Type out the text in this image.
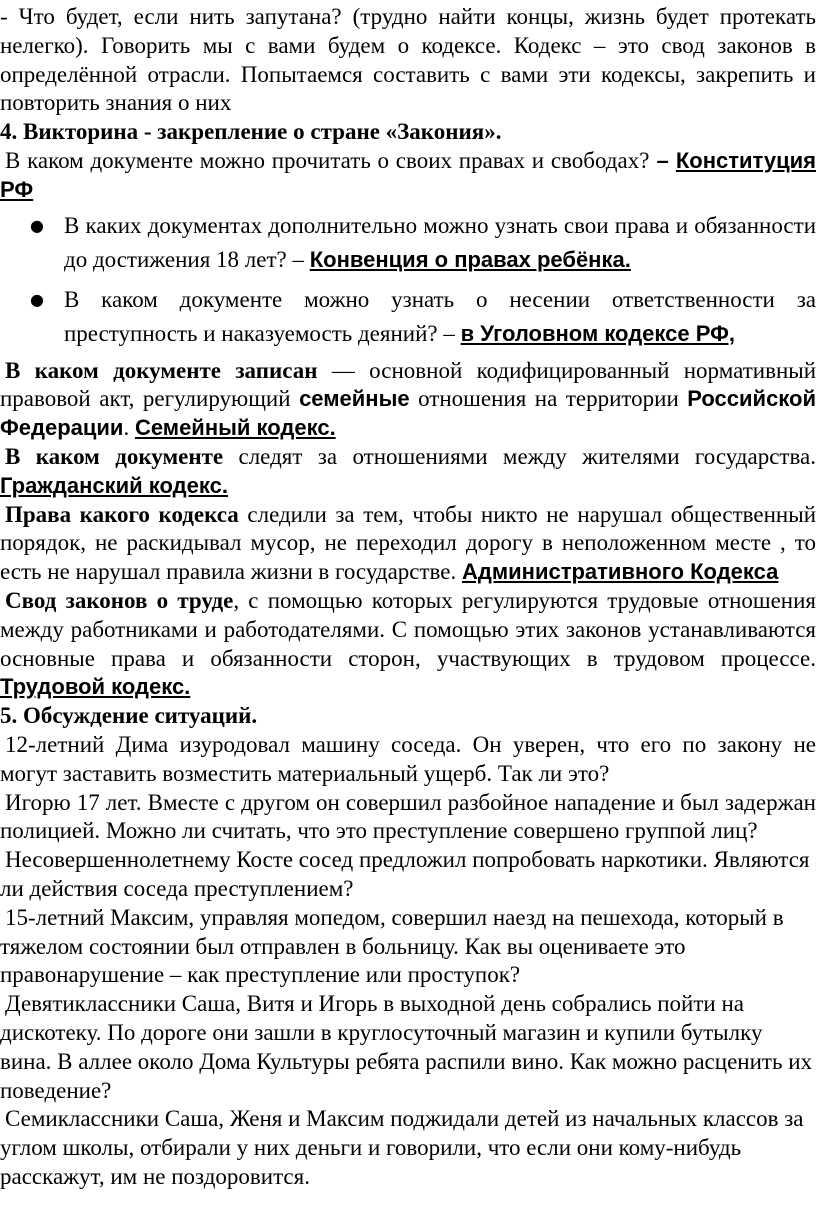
- Что будет, если нить запутана? (трудно найти концы, жизнь будет протекать нелегко). Говорить мы с вами будем о кодексе. Кодекс – это свод законов в определённой отрасли. Попытаемся составить с вами эти кодексы, закрепить и повторить знания о них

4. Викторина - закрепление о стране «Закония».

В каком документе можно прочитать о своих правах и свободах? – Конституция РФ

● В каких документах дополнительно можно узнать свои права и обязанности до достижения 18 лет? – Конвенция о правах ребёнка.
● В каком документе можно узнать о несении ответственности за преступность и наказуемость деяний? – в Уголовном кодексе РФ,

В каком документе записан — основной кодифицированный нормативный правовой акт, регулирующий семейные отношения на территории Российской Федерации. Семейный кодекс.

В каком документе следят за отношениями между жителями государства. Гражданский кодекс.

Права какого кодекса следили за тем, чтобы никто не нарушал общественный порядок, не раскидывал мусор, не переходил дорогу в неположенном месте , то есть не нарушал правила жизни в государстве. Административного Кодекса

Свод законов о труде, с помощью которых регулируются трудовые отношения между работниками и работодателями. С помощью этих законов устанавливаются основные права и обязанности сторон, участвующих в трудовом процессе. Трудовой кодекс.

5. Обсуждение ситуаций.

12-летний Дима изуродовал машину соседа. Он уверен, что его по закону не могут заставить возместить материальный ущерб. Так ли это?

Игорю 17 лет. Вместе с другом он совершил разбойное нападение и был задержан полицией. Можно ли считать, что это преступление совершено группой лиц?

Несовершеннолетнему Косте сосед предложил попробовать наркотики. Являются ли действия соседа преступлением?

15-летний Максим, управляя мопедом, совершил наезд на пешехода, который в тяжелом состоянии был отправлен в больницу. Как вы оцениваете это правонарушение – как преступление или проступок?

Девятиклассники Саша, Витя и Игорь в выходной день собрались пойти на дискотеку. По дороге они зашли в круглосуточный магазин и купили бутылку вина. В аллее около Дома Культуры ребята распили вино. Как можно расценить их поведение?

Семиклассники Саша, Женя и Максим поджидали детей из начальных классов за углом школы, отбирали у них деньги и говорили, что если они кому-нибудь расскажут, им не поздоровится.
